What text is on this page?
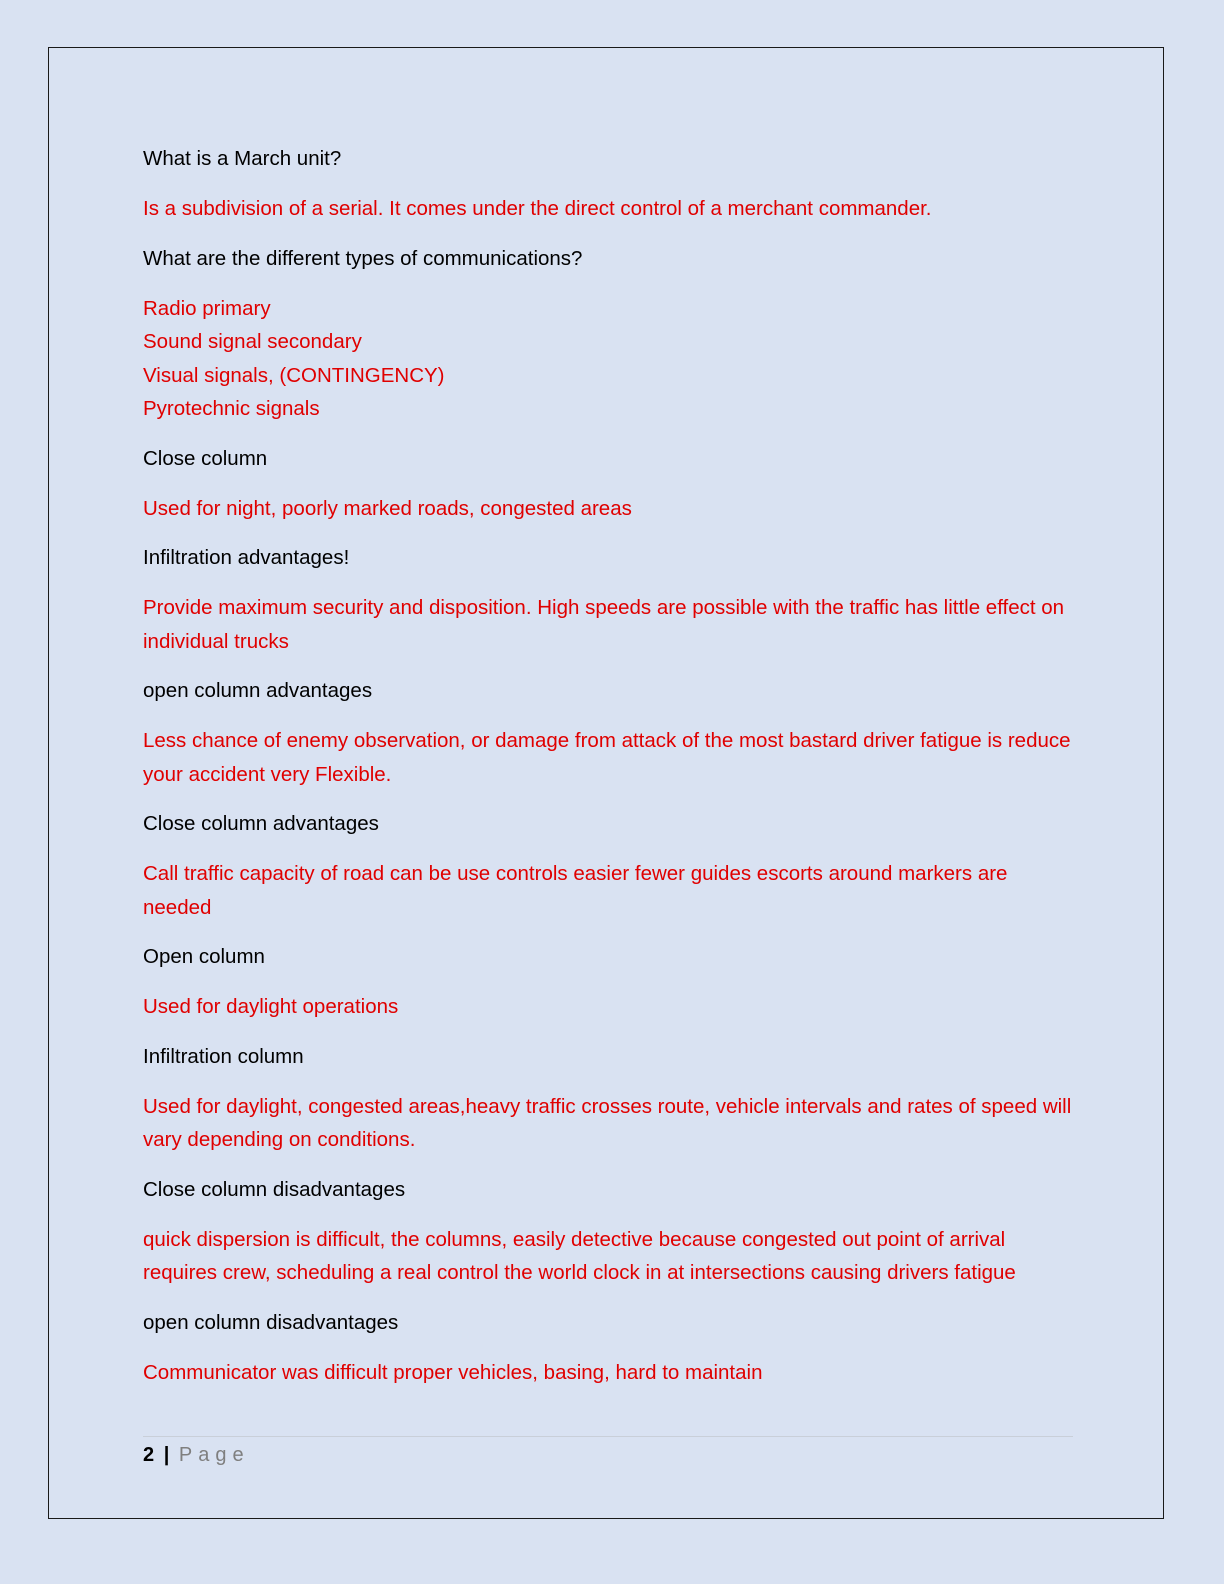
What is a March unit?

Is a subdivision of a serial. It comes under the direct control of a merchant commander.

What are the different types of communications?

Radio primary
Sound signal secondary
Visual signals, (CONTINGENCY)
Pyrotechnic signals

Close column

Used for night, poorly marked roads, congested areas

Infiltration advantages!

Provide maximum security and disposition. High speeds are possible with the traffic has little effect on individual trucks

open column advantages

Less chance of enemy observation, or damage from attack of the most bastard driver fatigue is reduce your accident very Flexible.

Close column advantages

Call traffic capacity of road can be use controls easier fewer guides escorts around markers are needed

Open column

Used for daylight operations

Infiltration column

Used for daylight, congested areas,heavy traffic crosses route, vehicle intervals and rates of speed will vary depending on conditions.

Close column disadvantages

quick dispersion is difficult, the columns, easily detective because congested out point of arrival requires crew, scheduling a real control the world clock in at intersections causing drivers fatigue

open column disadvantages

Communicator was difficult proper vehicles, basing, hard to maintain

2 | Page
